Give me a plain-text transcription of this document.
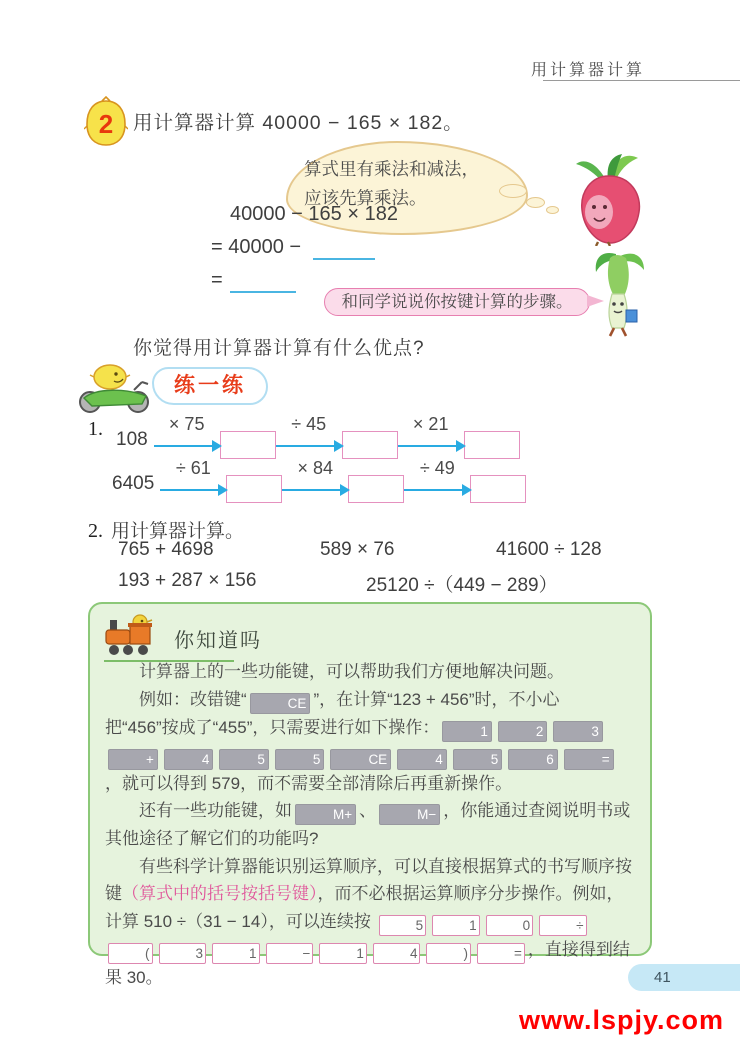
用计算器计算
2 用计算器计算 40000 − 165 × 182。
算式里有乘法和减法，
应该先算乘法。
40000 − 165 × 182
= 40000 −
=
和同学说说你按键计算的步骤。
你觉得用计算器计算有什么优点?
练一练
1. 108
× 75	÷ 45	× 21
6405
÷ 61	× 84	÷ 49
2. 用计算器计算。
765 + 4698	589 × 76	41600 ÷ 128
193 + 287 × 156	25120 ÷（449 − 289）
你知道吗

计算器上的一些功能键，可以帮助我们方便地解决问题。

例如：改错键“	CE ”，在计算“123 + 456”时，不小心把“456”按成了“455”，只需要进行如下操作：	1	2	3+	4	5	5	CE	4	5	6	=，就可以得到 579，而不需要全部清除后再重新操作。

还有一些功能键，如	M+ 、	M− ，你能通过查阅说明书或其他途径了解它们的功能吗?

有些科学计算器能识别运算顺序，可以直接根据算式的书写顺序按键（算式中的括号按括号键），而不必根据运算顺序分步操作。例如，计算 510 ÷（31 − 14），可以连续按	5	1	0	÷(	3	1	−	1	4	)	= ，直接得到结果 30。	41
www.lspjy.com
